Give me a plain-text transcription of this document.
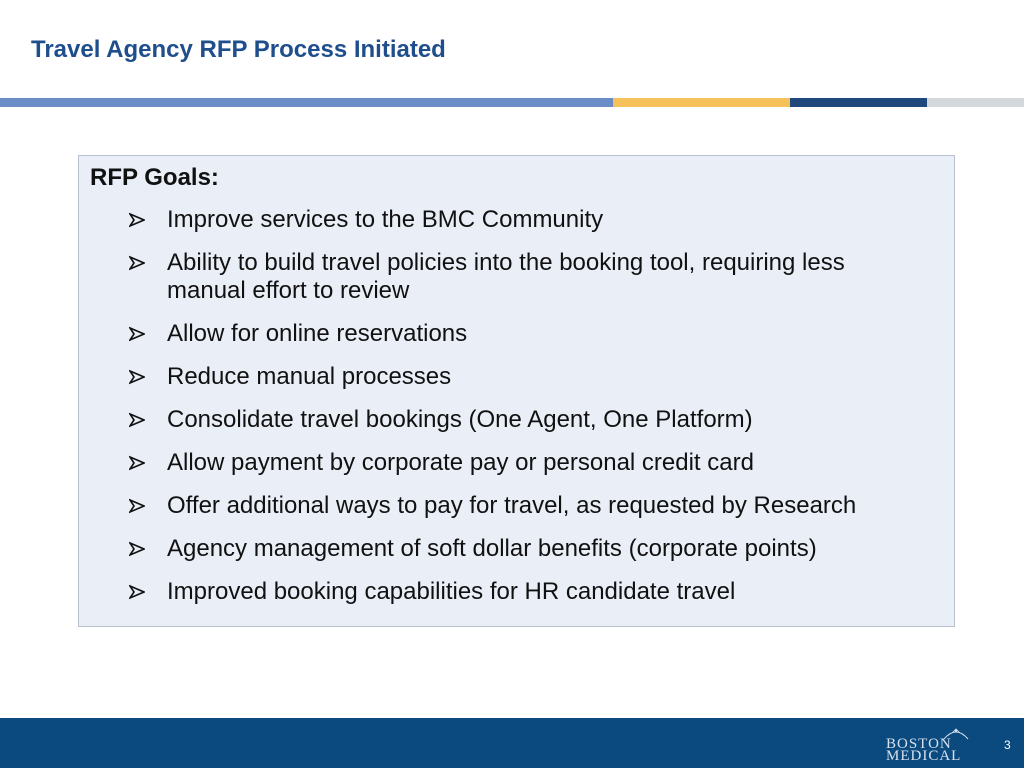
Travel Agency RFP Process Initiated
RFP Goals:
Improve services to the BMC Community
Ability to build travel policies into the booking tool, requiring less manual effort to review
Allow for online reservations
Reduce manual processes
Consolidate travel bookings (One Agent, One Platform)
Allow payment by corporate pay or personal credit card
Offer additional ways to pay for travel, as requested by Research
Agency management of soft dollar benefits (corporate points)
Improved booking capabilities for HR candidate travel
BOSTON
MEDICAL
3
